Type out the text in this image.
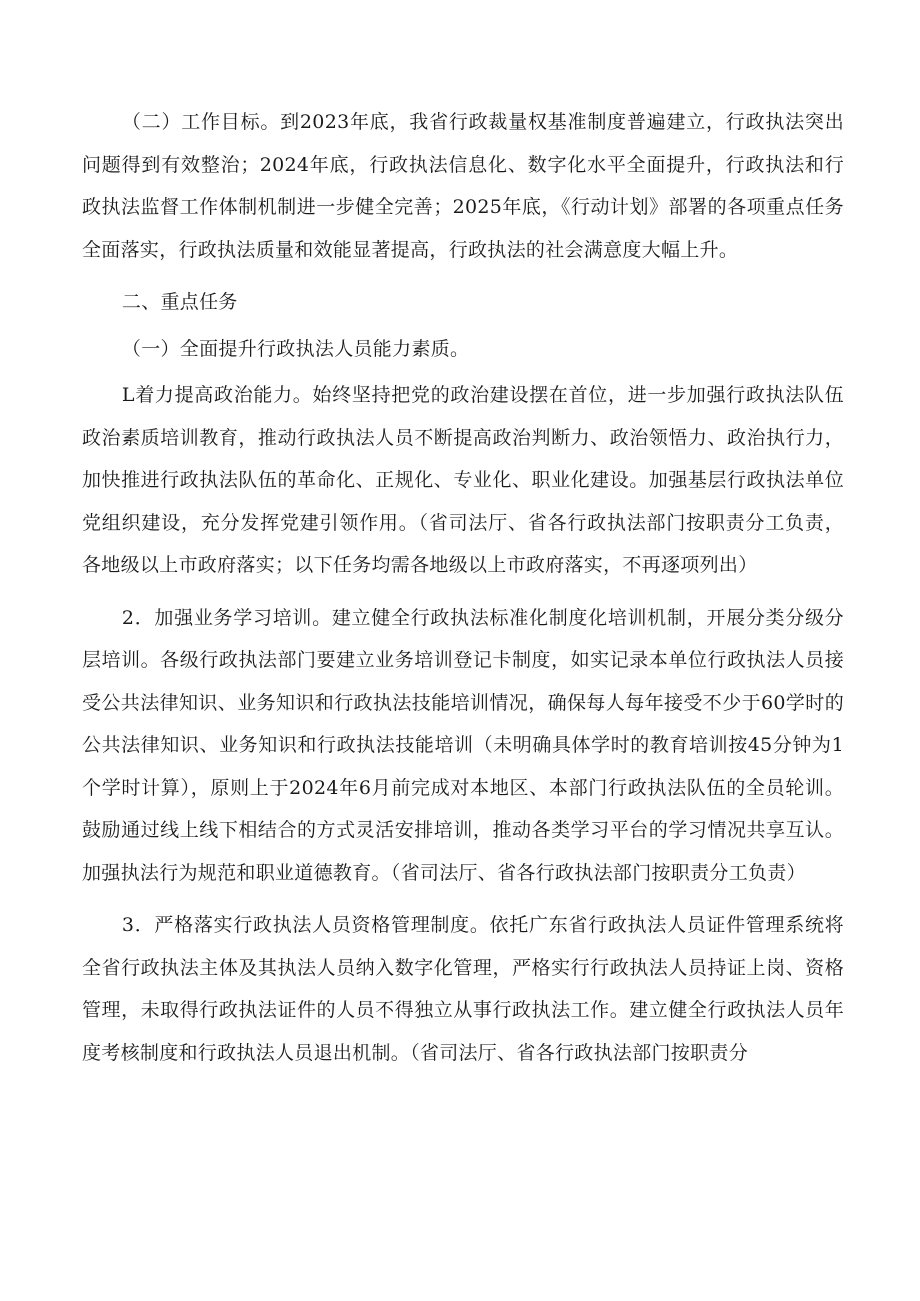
（二）工作目标。到2023年底，我省行政裁量权基准制度普遍建立，行政执法突出问题得到有效整治；2024年底，行政执法信息化、数字化水平全面提升，行政执法和行政执法监督工作体制机制进一步健全完善；2025年底，《行动计划》部署的各项重点任务全面落实，行政执法质量和效能显著提高，行政执法的社会满意度大幅上升。

二、重点任务

（一）全面提升行政执法人员能力素质。

L着力提高政治能力。始终坚持把党的政治建设摆在首位，进一步加强行政执法队伍政治素质培训教育，推动行政执法人员不断提高政治判断力、政治领悟力、政治执行力，加快推进行政执法队伍的革命化、正规化、专业化、职业化建设。加强基层行政执法单位党组织建设，充分发挥党建引领作用。（省司法厅、省各行政执法部门按职责分工负责，各地级以上市政府落实；以下任务均需各地级以上市政府落实，不再逐项列出）

2．加强业务学习培训。建立健全行政执法标准化制度化培训机制，开展分类分级分层培训。各级行政执法部门要建立业务培训登记卡制度，如实记录本单位行政执法人员接受公共法律知识、业务知识和行政执法技能培训情况，确保每人每年接受不少于60学时的公共法律知识、业务知识和行政执法技能培训（未明确具体学时的教育培训按45分钟为1个学时计算），原则上于2024年6月前完成对本地区、本部门行政执法队伍的全员轮训。鼓励通过线上线下相结合的方式灵活安排培训，推动各类学习平台的学习情况共享互认。加强执法行为规范和职业道德教育。（省司法厅、省各行政执法部门按职责分工负责）

3．严格落实行政执法人员资格管理制度。依托广东省行政执法人员证件管理系统将全省行政执法主体及其执法人员纳入数字化管理，严格实行行政执法人员持证上岗、资格管理，未取得行政执法证件的人员不得独立从事行政执法工作。建立健全行政执法人员年度考核制度和行政执法人员退出机制。（省司法厅、省各行政执法部门按职责分
